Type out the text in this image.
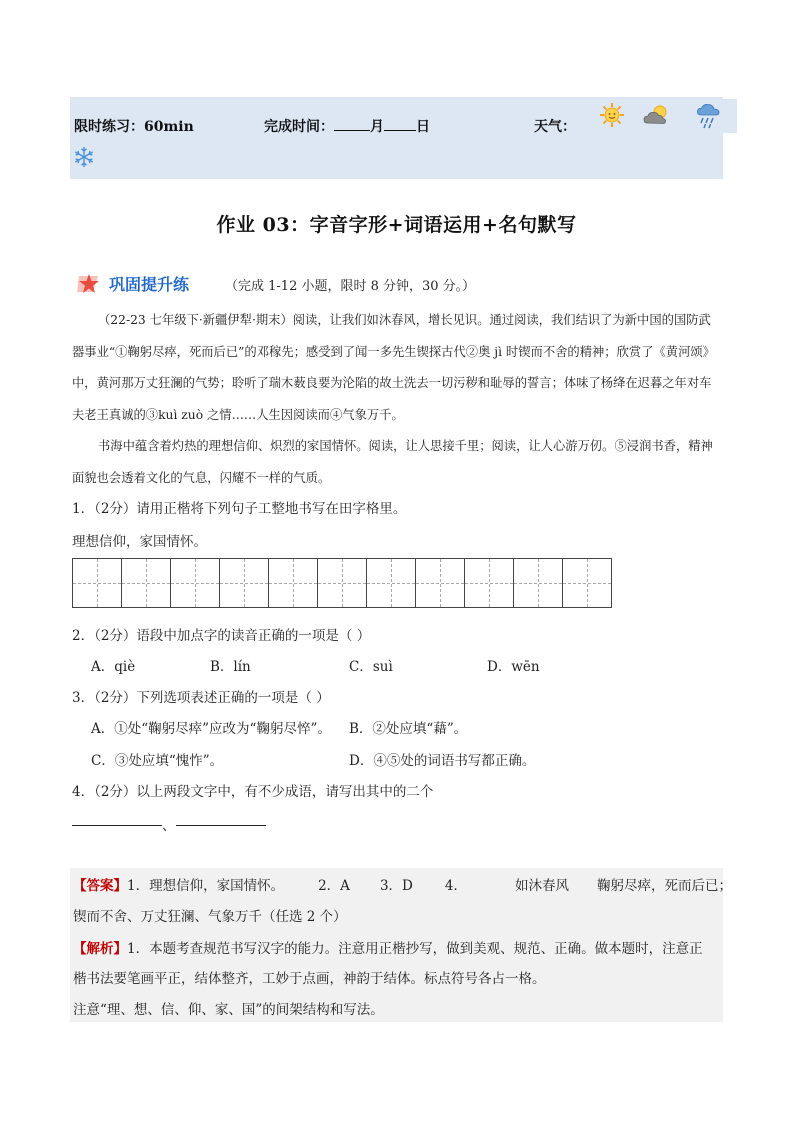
限时练习：60min	完成时间：	月 日	天气：
作业 03：字音字形+词语运用+名句默写
巩固提升练	（完成 1-12 小题，限时 8 分钟，30 分。）
（22-23 七年级下·新疆伊犁·期末）阅读，让我们如沐春风，增长见识。通过阅读，我们结识了为新中国的国防武器事业“①鞠躬尽瘁，死而后已”的邓稼先；感受到了闻一多先生锲探古代②奥 jì 时锲而不舍的精神；欣赏了《黄河颂》中，黄河那万丈狂澜的气势；聆听了瑞木薮良要为沦陷的故土洗去一切污秽和耻辱的誓言；体味了杨绛在迟暮之年对车夫老王真诚的③kuì zuò 之情……人生因阅读而④气象万千。
书海中蕴含着灼热的理想信仰、炽烈的家国情怀。阅读，让人思接千里；阅读，让人心游万仞。⑤浸润书香，精神面貌也会透着文化的气息，闪耀不一样的气质。
1．（2分）请用正楷将下列句子工整地书写在田字格里。
理想信仰，家国情怀。
2．（2分）语段中加点字的读音正确的一项是（ ）
A．qiè	B．lín	C．suì	D．wēn
3．（2分）下列选项表述正确的一项是（ ）
A．①处“鞠躬尽瘁”应改为“鞠躬尽悴”。 B．②处应填“藉”。
C．③处应填“愧怍”。	D．④⑤处的词语书写都正确。
4．（2分）以上两段文字中，有不少成语，请写出其中的二个
、
【答案】1．理想信仰，家国情怀。	2．A 3．D 4．	如沐春风 鞠躬尽瘁，死而后已；
锲而不舍、万丈狂澜、气象万千（任选 2 个）
【解析】1．本题考查规范书写汉字的能力。注意用正楷抄写，做到美观、规范、正确。做本题时，注意正
楷书法要笔画平正，结体整齐，工妙于点画，神韵于结体。标点符号各占一格。
注意“理、想、信、仰、家、国”的间架结构和写法。
